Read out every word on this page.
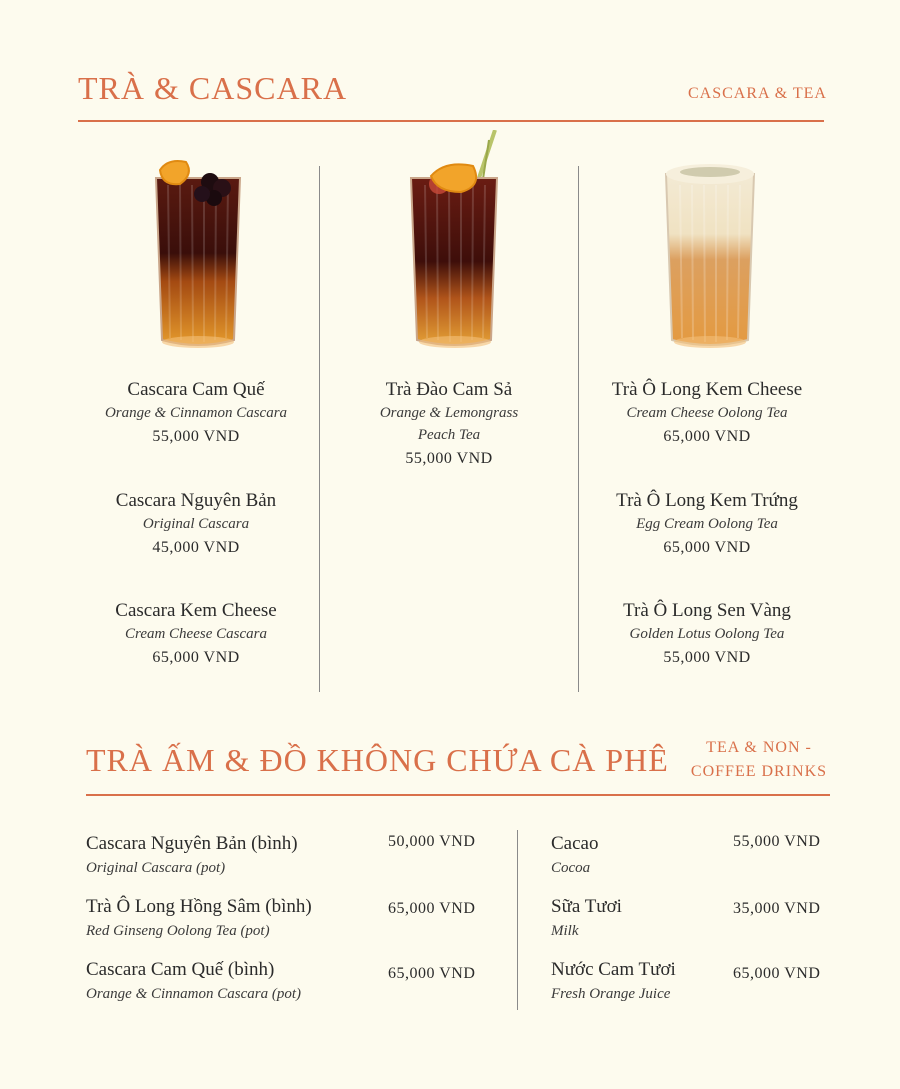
TRÀ & CASCARA	CASCARA & TEA
Cascara Cam Quế
Orange & Cinnamon Cascara
55,000 VND
Cascara Nguyên Bản
Original Cascara
45,000 VND
Cascara Kem Cheese
Cream Cheese Cascara
65,000 VND
Trà Đào Cam Sả
Orange & Lemongrass
Peach Tea
55,000 VND
Trà Ô Long Kem Cheese
Cream Cheese Oolong Tea
65,000 VND
Trà Ô Long Kem Trứng
Egg Cream Oolong Tea
65,000 VND
Trà Ô Long Sen Vàng
Golden Lotus Oolong Tea
55,000 VND
TRÀ ẤM & ĐỒ KHÔNG CHỨA CÀ PHÊ	TEA & NON -
COFFEE DRINKS
Cascara Nguyên Bản (bình)
Original Cascara (pot)
50,000 VND
Trà Ô Long Hồng Sâm (bình)
Red Ginseng Oolong Tea (pot)
65,000 VND
Cascara Cam Quế (bình)
Orange & Cinnamon Cascara (pot)
65,000 VND
Cacao
Cocoa
55,000 VND
Sữa Tươi
Milk
35,000 VND
Nước Cam Tươi
Fresh Orange Juice
65,000 VND
